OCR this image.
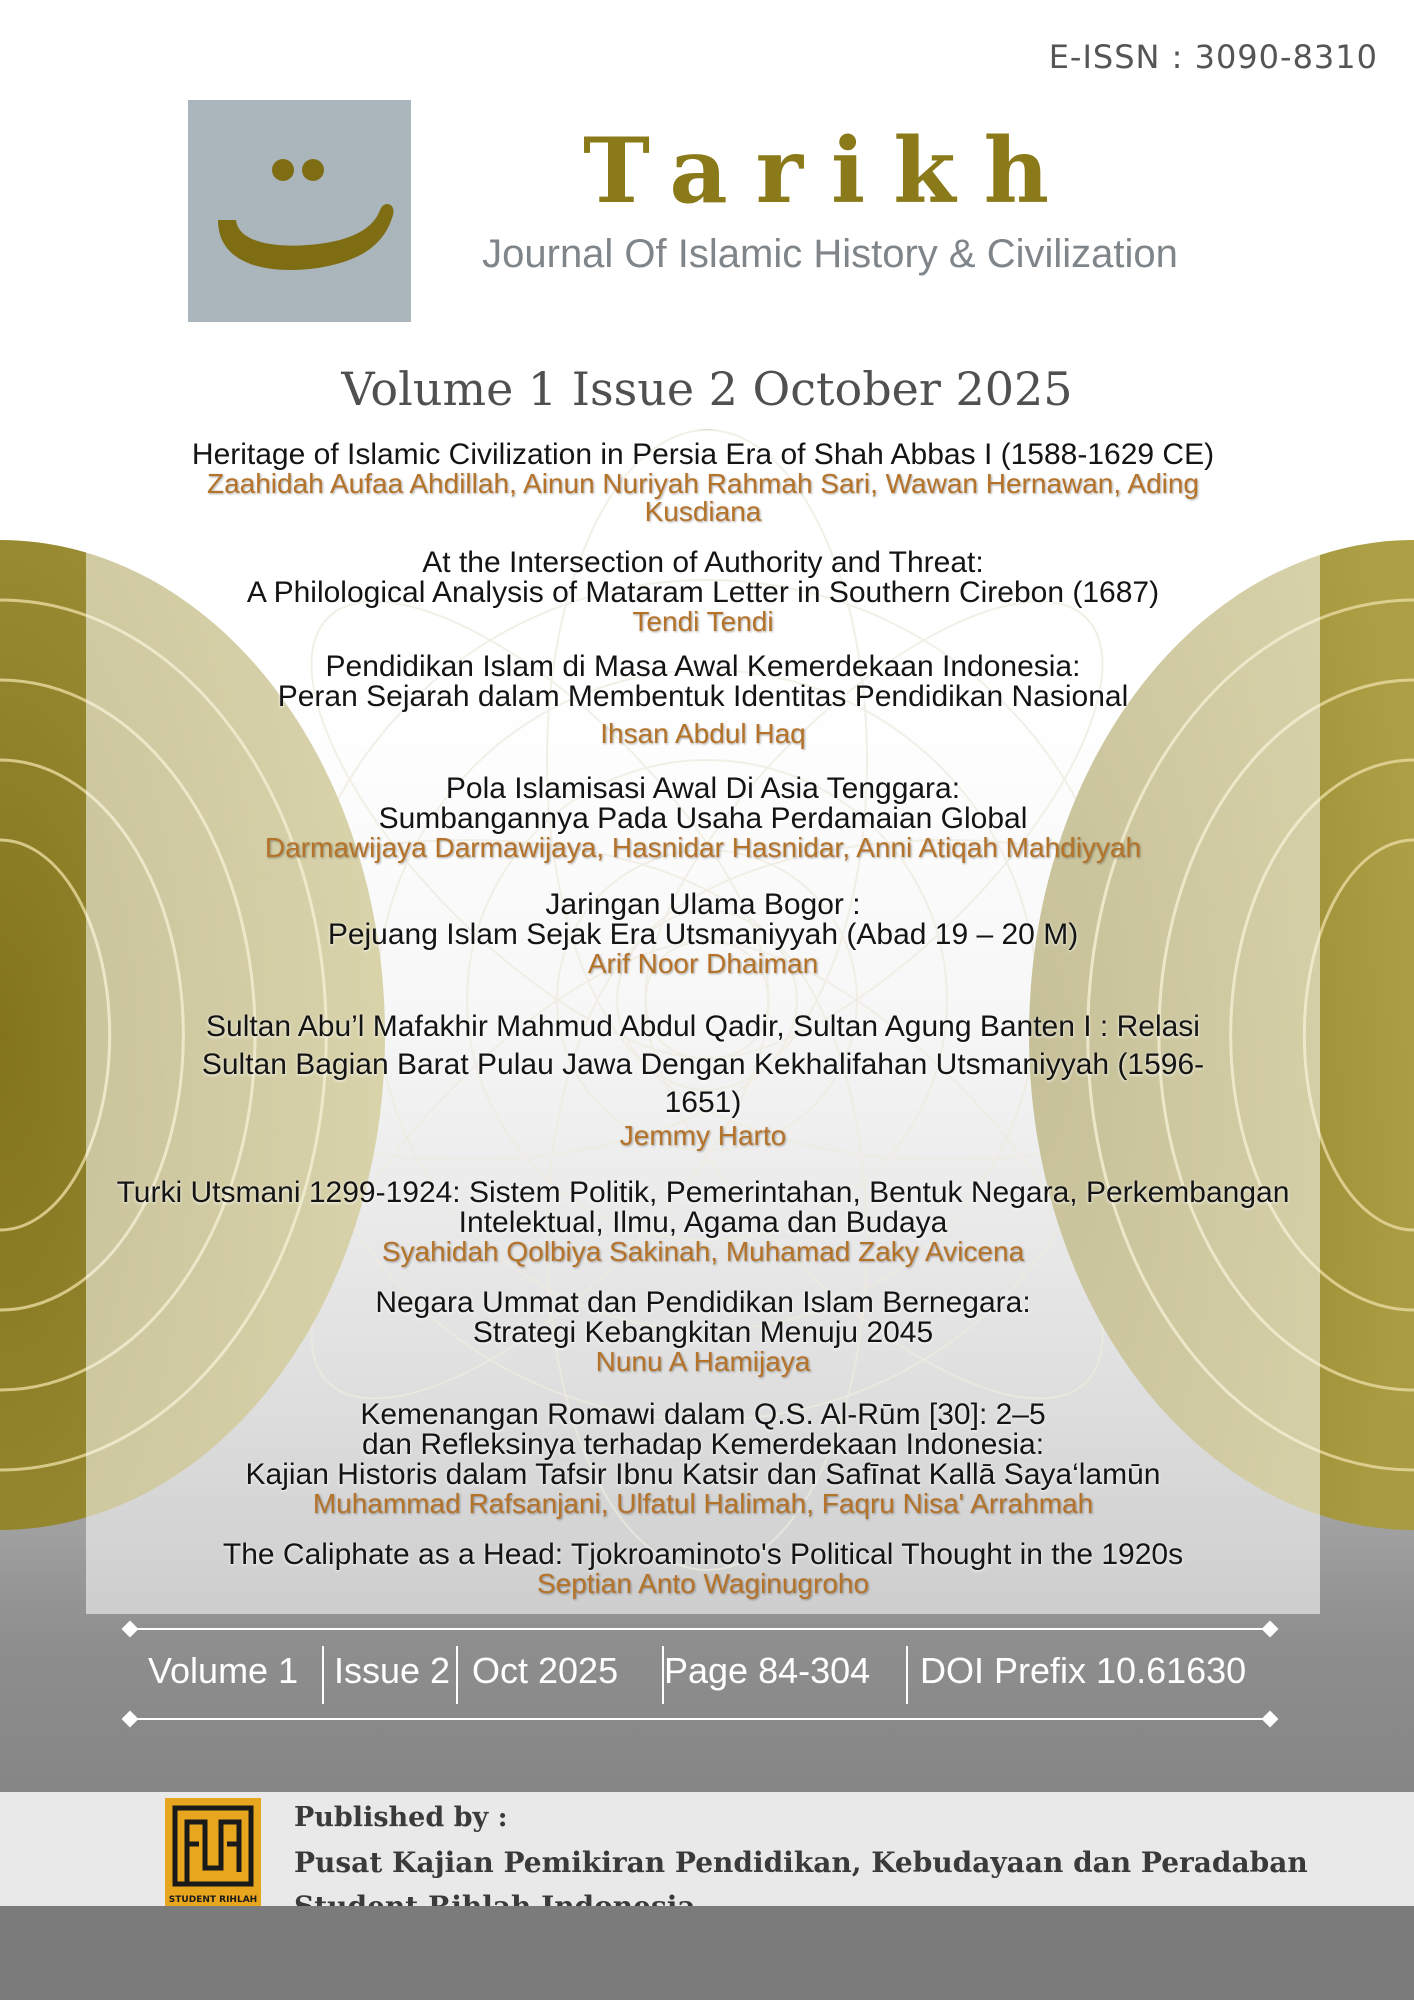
E-ISSN : 3090-8310
Tarikh
Journal Of Islamic History & Civilization
Volume 1 Issue 2 October 2025
Heritage of Islamic Civilization in Persia Era of Shah Abbas I (1588-1629 CE)
Zaahidah Aufaa Ahdillah, Ainun Nuriyah Rahmah Sari, Wawan Hernawan, Ading
Kusdiana
At the Intersection of Authority and Threat:
A Philological Analysis of Mataram Letter in Southern Cirebon (1687)
Tendi Tendi
Pendidikan Islam di Masa Awal Kemerdekaan Indonesia:
Peran Sejarah dalam Membentuk Identitas Pendidikan Nasional
Ihsan Abdul Haq
Pola Islamisasi Awal Di Asia Tenggara:
Sumbangannya Pada Usaha Perdamaian Global
Darmawijaya Darmawijaya, Hasnidar Hasnidar, Anni Atiqah Mahdiyyah
Jaringan Ulama Bogor :
Pejuang Islam Sejak Era Utsmaniyyah (Abad 19 – 20 M)
Arif Noor Dhaiman
Sultan Abu’l Mafakhir Mahmud Abdul Qadir, Sultan Agung Banten I : Relasi
Sultan Bagian Barat Pulau Jawa Dengan Kekhalifahan Utsmaniyyah (1596-
1651)
Jemmy Harto
Turki Utsmani 1299-1924: Sistem Politik, Pemerintahan, Bentuk Negara, Perkembangan
Intelektual, Ilmu, Agama dan Budaya
Syahidah Qolbiya Sakinah, Muhamad Zaky Avicena
Negara Ummat dan Pendidikan Islam Bernegara:
Strategi Kebangkitan Menuju 2045
Nunu A Hamijaya
Kemenangan Romawi dalam Q.S. Al-Rūm [30]: 2–5
dan Refleksinya terhadap Kemerdekaan Indonesia:
Kajian Historis dalam Tafsir Ibnu Katsir dan Safīnat Kallā Saya‘lamūn
Muhammad Rafsanjani, Ulfatul Halimah, Faqru Nisa' Arrahmah
The Caliphate as a Head: Tjokroaminoto's Political Thought in the 1920s
Septian Anto Waginugroho
Volume 1 Issue 2 Oct 2025 Page 84-304 DOI Prefix 10.61630
STUDENT RIHLAH
Published by :
Pusat Kajian Pemikiran Pendidikan, Kebudayaan dan Peradaban
